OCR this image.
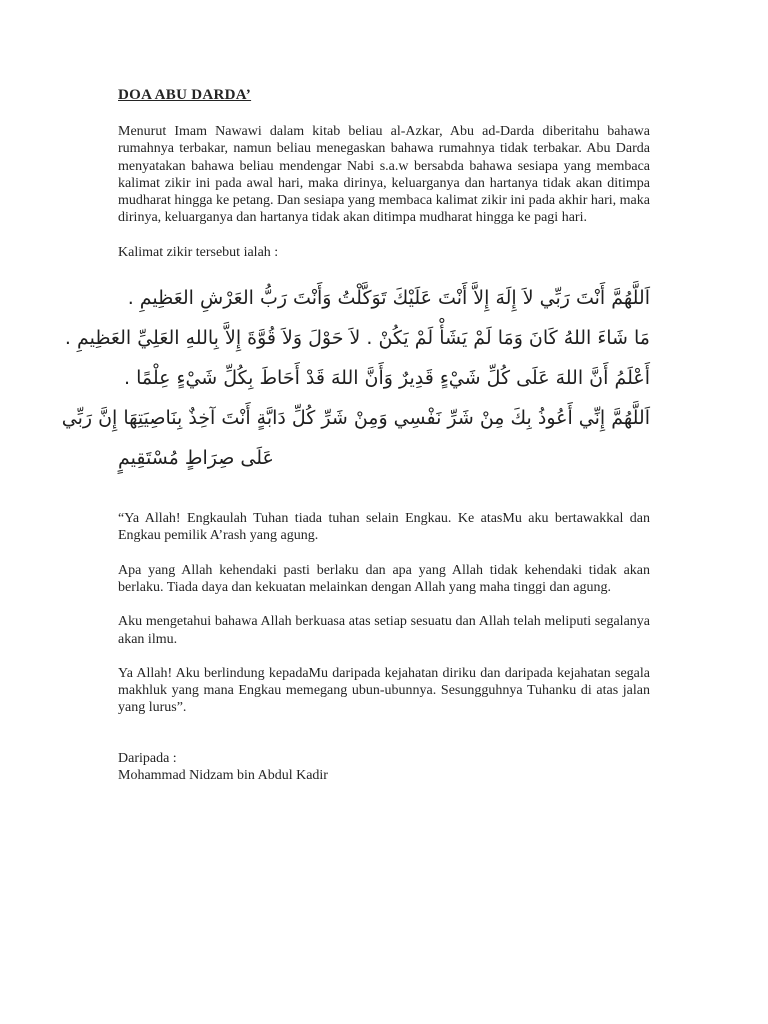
DOA ABU DARDA’

Menurut Imam Nawawi dalam kitab beliau al-Azkar, Abu ad-Darda diberitahu bahawa rumahnya terbakar, namun beliau menegaskan bahawa rumahnya tidak terbakar. Abu Darda menyatakan bahawa beliau mendengar Nabi s.a.w bersabda bahawa sesiapa yang membaca kalimat zikir ini pada awal hari, maka dirinya, keluarganya dan hartanya tidak akan ditimpa mudharat hingga ke petang. Dan sesiapa yang membaca kalimat zikir ini pada akhir hari, maka dirinya, keluarganya dan hartanya tidak akan ditimpa mudharat hingga ke pagi hari.

Kalimat zikir tersebut ialah :

اَللَّهُمَّ أَنْتَ رَبِّي لاَ إِلَهَ إِلاَّ أَنْتَ عَلَيْكَ تَوَكَّلْتُ وَأَنْتَ رَبُّ العَرْشِ العَظِيمِ .
مَا شَاءَ اللهُ كَانَ وَمَا لَمْ يَشَأْ لَمْ يَكُنْ . لاَ حَوْلَ وَلاَ قُوَّةَ إِلاَّ بِاللهِ العَلِيِّ العَظِيمِ .
أَعْلَمُ أَنَّ اللهَ عَلَى كُلِّ شَيْءٍ قَدِيرٌ وَأَنَّ اللهَ قَدْ أَحَاطَ بِكُلِّ شَيْءٍ عِلْمًا .
اَللَّهُمَّ إِنِّي أَعُوذُ بِكَ مِنْ شَرِّ نَفْسِي وَمِنْ شَرِّ كُلِّ دَابَّةٍ أَنْتَ آخِذٌ بِنَاصِيَتِهَا إِنَّ رَبِّي
عَلَى صِرَاطٍ مُسْتَقِيمٍ

“Ya Allah! Engkaulah Tuhan tiada tuhan selain Engkau. Ke atasMu aku bertawakkal dan Engkau pemilik A’rash yang agung.

Apa yang Allah kehendaki pasti berlaku dan apa yang Allah tidak kehendaki tidak akan berlaku. Tiada daya dan kekuatan melainkan dengan Allah yang maha tinggi dan agung.

Aku mengetahui bahawa Allah berkuasa atas setiap sesuatu dan Allah telah meliputi segalanya akan ilmu.

Ya Allah! Aku berlindung kepadaMu daripada kejahatan diriku dan daripada kejahatan segala makhluk yang mana Engkau memegang ubun-ubunnya. Sesungguhnya Tuhanku di atas jalan yang lurus”.

Daripada :
Mohammad Nidzam bin Abdul Kadir
